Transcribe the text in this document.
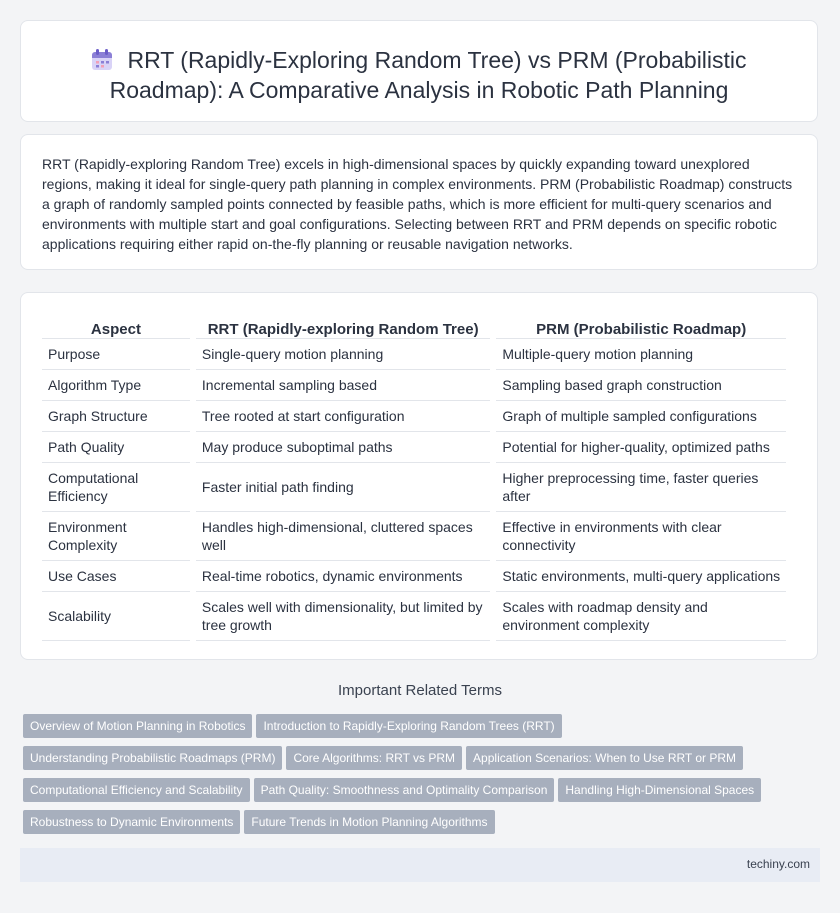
RRT (Rapidly-Exploring Random Tree) vs PRM (Probabilistic Roadmap): A Comparative Analysis in Robotic Path Planning

RRT (Rapidly-exploring Random Tree) excels in high-dimensional spaces by quickly expanding toward unexplored regions, making it ideal for single-query path planning in complex environments. PRM (Probabilistic Roadmap) constructs a graph of randomly sampled points connected by feasible paths, which is more efficient for multi-query scenarios and environments with multiple start and goal configurations. Selecting between RRT and PRM depends on specific robotic applications requiring either rapid on-the-fly planning or reusable navigation networks.

Aspect	RRT (Rapidly-exploring Random Tree)	PRM (Probabilistic Roadmap)
Purpose	Single-query motion planning	Multiple-query motion planning
Algorithm Type	Incremental sampling based	Sampling based graph construction
Graph Structure	Tree rooted at start configuration	Graph of multiple sampled configurations
Path Quality	May produce suboptimal paths	Potential for higher-quality, optimized paths
Computational Efficiency	Faster initial path finding	Higher preprocessing time, faster queries after
Environment Complexity	Handles high-dimensional, cluttered spaces well	Effective in environments with clear connectivity
Use Cases	Real-time robotics, dynamic environments	Static environments, multi-query applications
Scalability	Scales well with dimensionality, but limited by tree growth	Scales with roadmap density and environment complexity
Important Related Terms
Overview of Motion Planning in Robotics Introduction to Rapidly-Exploring Random Trees (RRT)
Understanding Probabilistic Roadmaps (PRM) Core Algorithms: RRT vs PRM Application Scenarios: When to Use RRT or PRM
Computational Efficiency and Scalability Path Quality: Smoothness and Optimality Comparison Handling High-Dimensional Spaces
Robustness to Dynamic Environments Future Trends in Motion Planning Algorithms
techiny.com
